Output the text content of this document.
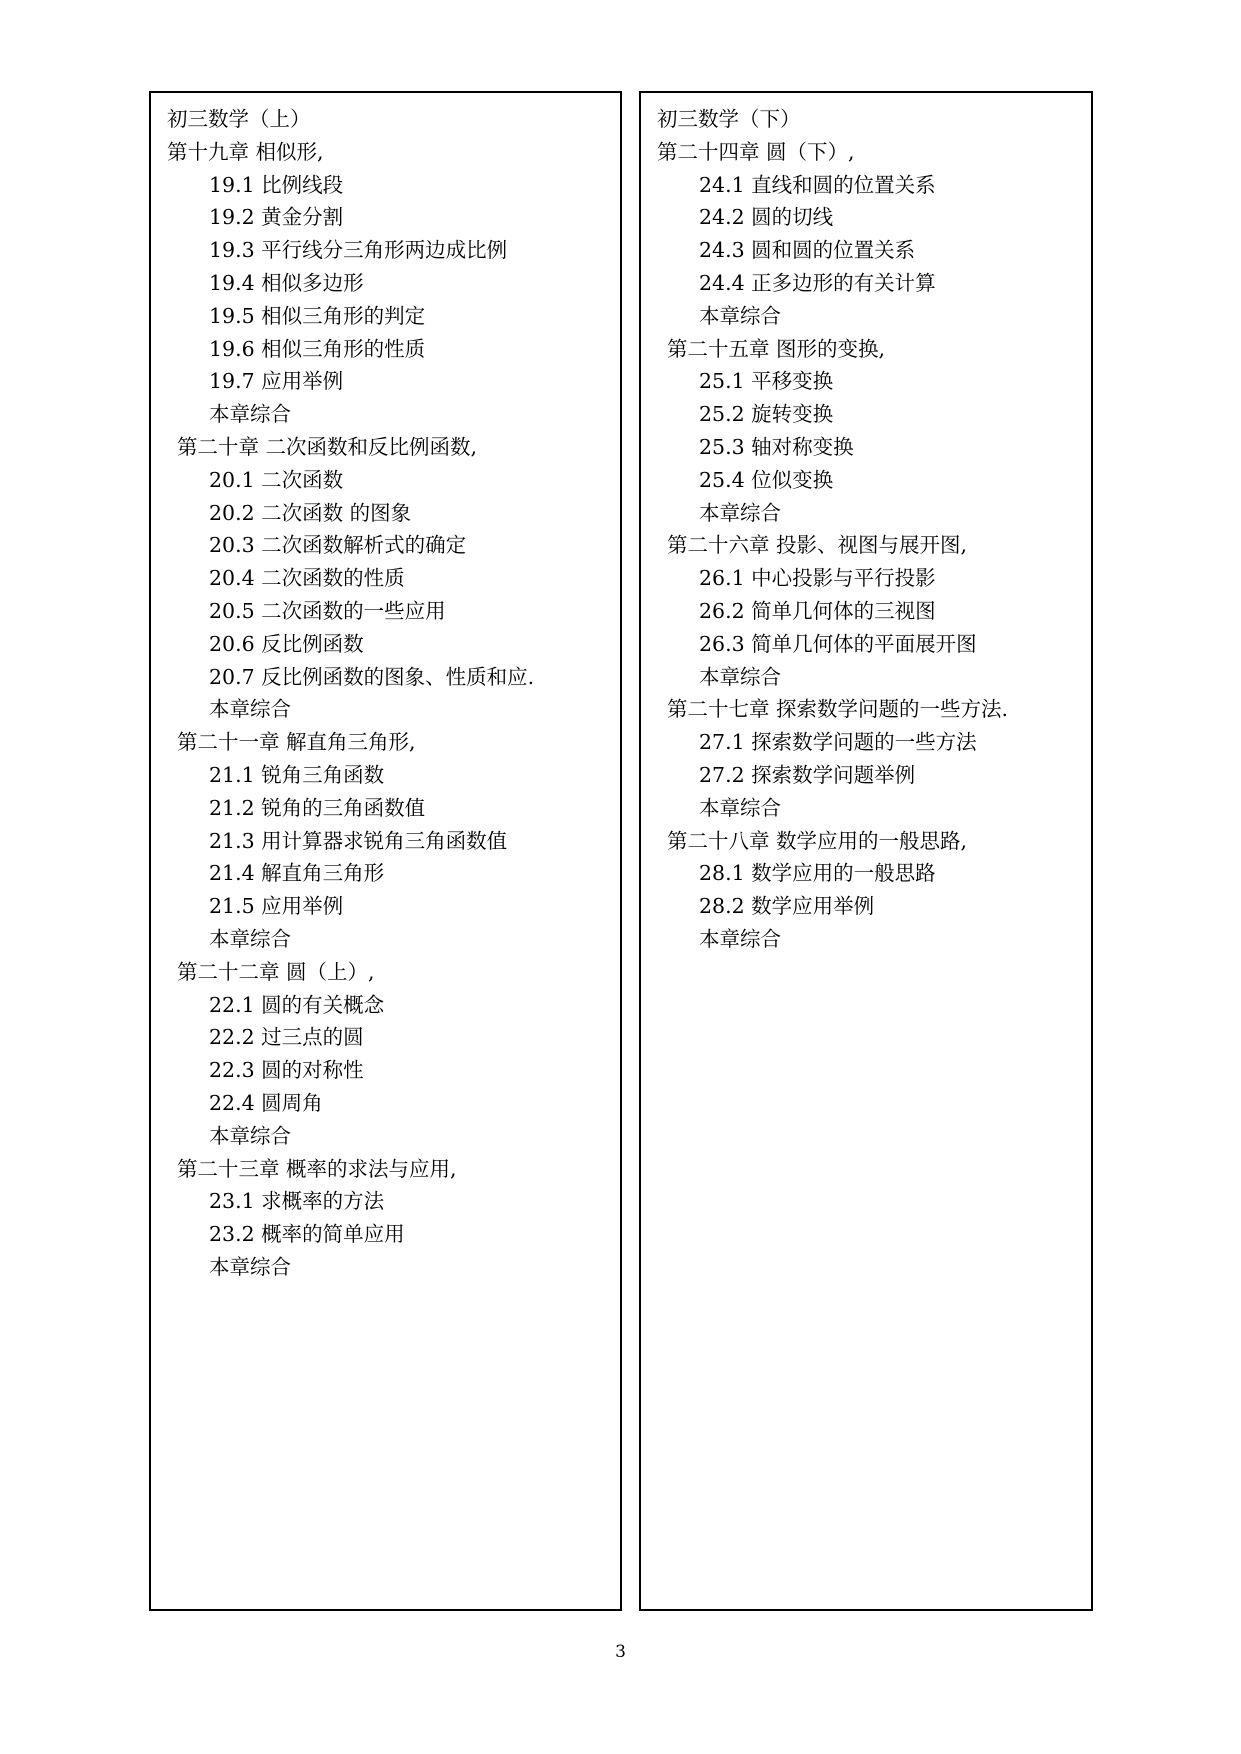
初三数学（上）
第十九章 相似形,
19.1 比例线段
19.2 黄金分割
19.3 平行线分三角形两边成比例
19.4 相似多边形
19.5 相似三角形的判定
19.6 相似三角形的性质
19.7 应用举例
本章综合
第二十章 二次函数和反比例函数,
20.1 二次函数
20.2 二次函数 的图象
20.3 二次函数解析式的确定
20.4 二次函数的性质
20.5 二次函数的一些应用
20.6 反比例函数
20.7 反比例函数的图象、性质和应.
本章综合
第二十一章 解直角三角形,
21.1 锐角三角函数
21.2 锐角的三角函数值
21.3 用计算器求锐角三角函数值
21.4 解直角三角形
21.5 应用举例
本章综合
第二十二章 圆（上）,
22.1 圆的有关概念
22.2 过三点的圆
22.3 圆的对称性
22.4 圆周角
本章综合
第二十三章 概率的求法与应用,
23.1 求概率的方法
23.2 概率的简单应用
本章综合
初三数学（下）
第二十四章 圆（下）,
24.1 直线和圆的位置关系
24.2 圆的切线
24.3 圆和圆的位置关系
24.4 正多边形的有关计算
本章综合
第二十五章 图形的变换,
25.1 平移变换
25.2 旋转变换
25.3 轴对称变换
25.4 位似变换
本章综合
第二十六章 投影、视图与展开图,
26.1 中心投影与平行投影
26.2 简单几何体的三视图
26.3 简单几何体的平面展开图
本章综合
第二十七章 探索数学问题的一些方法.
27.1 探索数学问题的一些方法
27.2 探索数学问题举例
本章综合
第二十八章 数学应用的一般思路,
28.1 数学应用的一般思路
28.2 数学应用举例
本章综合
3
